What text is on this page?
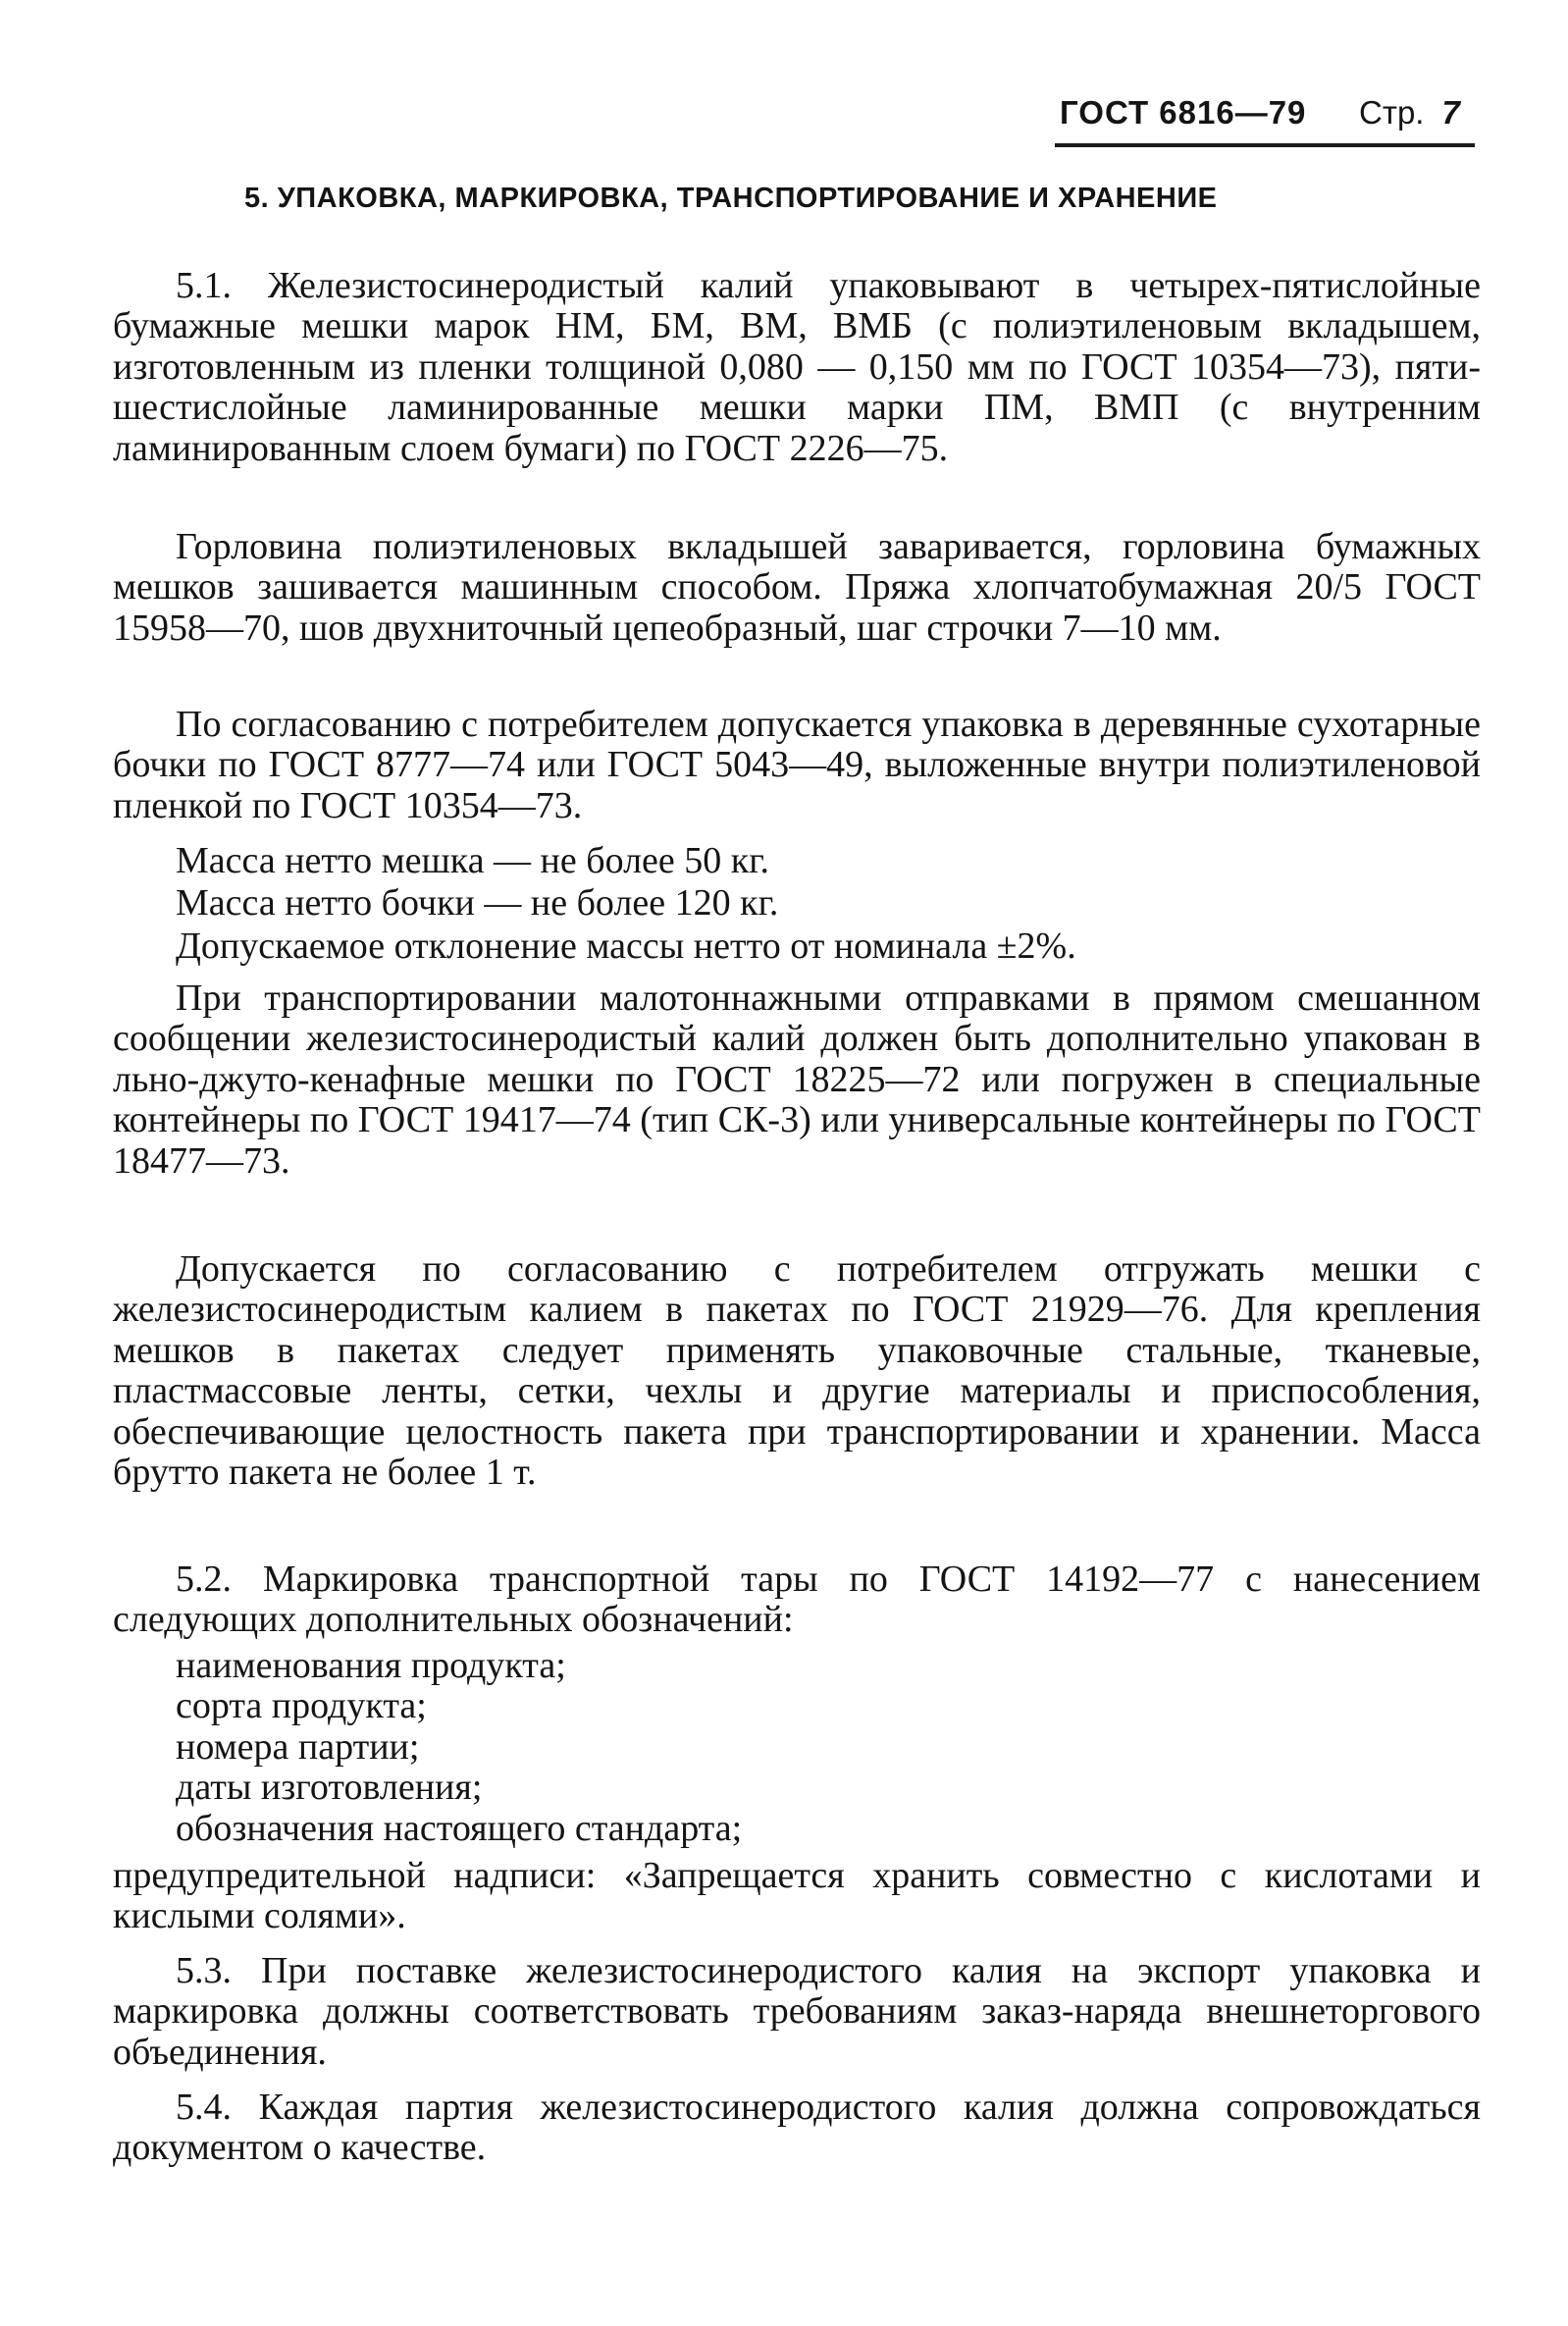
ГОСТ 6816—79 Стр. 7
5. УПАКОВКА, МАРКИРОВКА, ТРАНСПОРТИРОВАНИЕ И ХРАНЕНИЕ
5.1. Железистосинеродистый калий упаковывают в четырех-пятислойные бумажные мешки марок НМ, БМ, ВМ, ВМБ (с полиэтиленовым вкладышем, изготовленным из пленки толщиной 0,080 — 0,150 мм по ГОСТ 10354—73), пяти-шестислойные ламинированные мешки марки ПМ, ВМП (с внутренним ламинированным слоем бумаги) по ГОСТ 2226—75.
Горловина полиэтиленовых вкладышей заваривается, горловина бумажных мешков зашивается машинным способом. Пряжа хлопчатобумажная 20/5 ГОСТ 15958—70, шов двухниточный цепеобразный, шаг строчки 7—10 мм.
По согласованию с потребителем допускается упаковка в деревянные сухотарные бочки по ГОСТ 8777—74 или ГОСТ 5043—49, выложенные внутри полиэтиленовой пленкой по ГОСТ 10354—73.
Масса нетто мешка — не более 50 кг.
Масса нетто бочки — не более 120 кг.
Допускаемое отклонение массы нетто от номинала ±2%.
При транспортировании малотоннажными отправками в прямом смешанном сообщении железистосинеродистый калий должен быть дополнительно упакован в льно-джуто-кенафные мешки по ГОСТ 18225—72 или погружен в специальные контейнеры по ГОСТ 19417—74 (тип СК-3) или универсальные контейнеры по ГОСТ 18477—73.
Допускается по согласованию с потребителем отгружать мешки с железистосинеродистым калием в пакетах по ГОСТ 21929—76. Для крепления мешков в пакетах следует применять упаковочные стальные, тканевые, пластмассовые ленты, сетки, чехлы и другие материалы и приспособления, обеспечивающие целостность пакета при транспортировании и хранении. Масса брутто пакета не более 1 т.
5.2. Маркировка транспортной тары по ГОСТ 14192—77 с нанесением следующих дополнительных обозначений:
наименования продукта;
сорта продукта;
номера партии;
даты изготовления;
обозначения настоящего стандарта;
предупредительной надписи: «Запрещается хранить совместно с кислотами и кислыми солями».
5.3. При поставке железистосинеродистого калия на экспорт упаковка и маркировка должны соответствовать требованиям заказ-наряда внешнеторгового объединения.
5.4. Каждая партия железистосинеродистого калия должна сопровождаться документом о качестве.
